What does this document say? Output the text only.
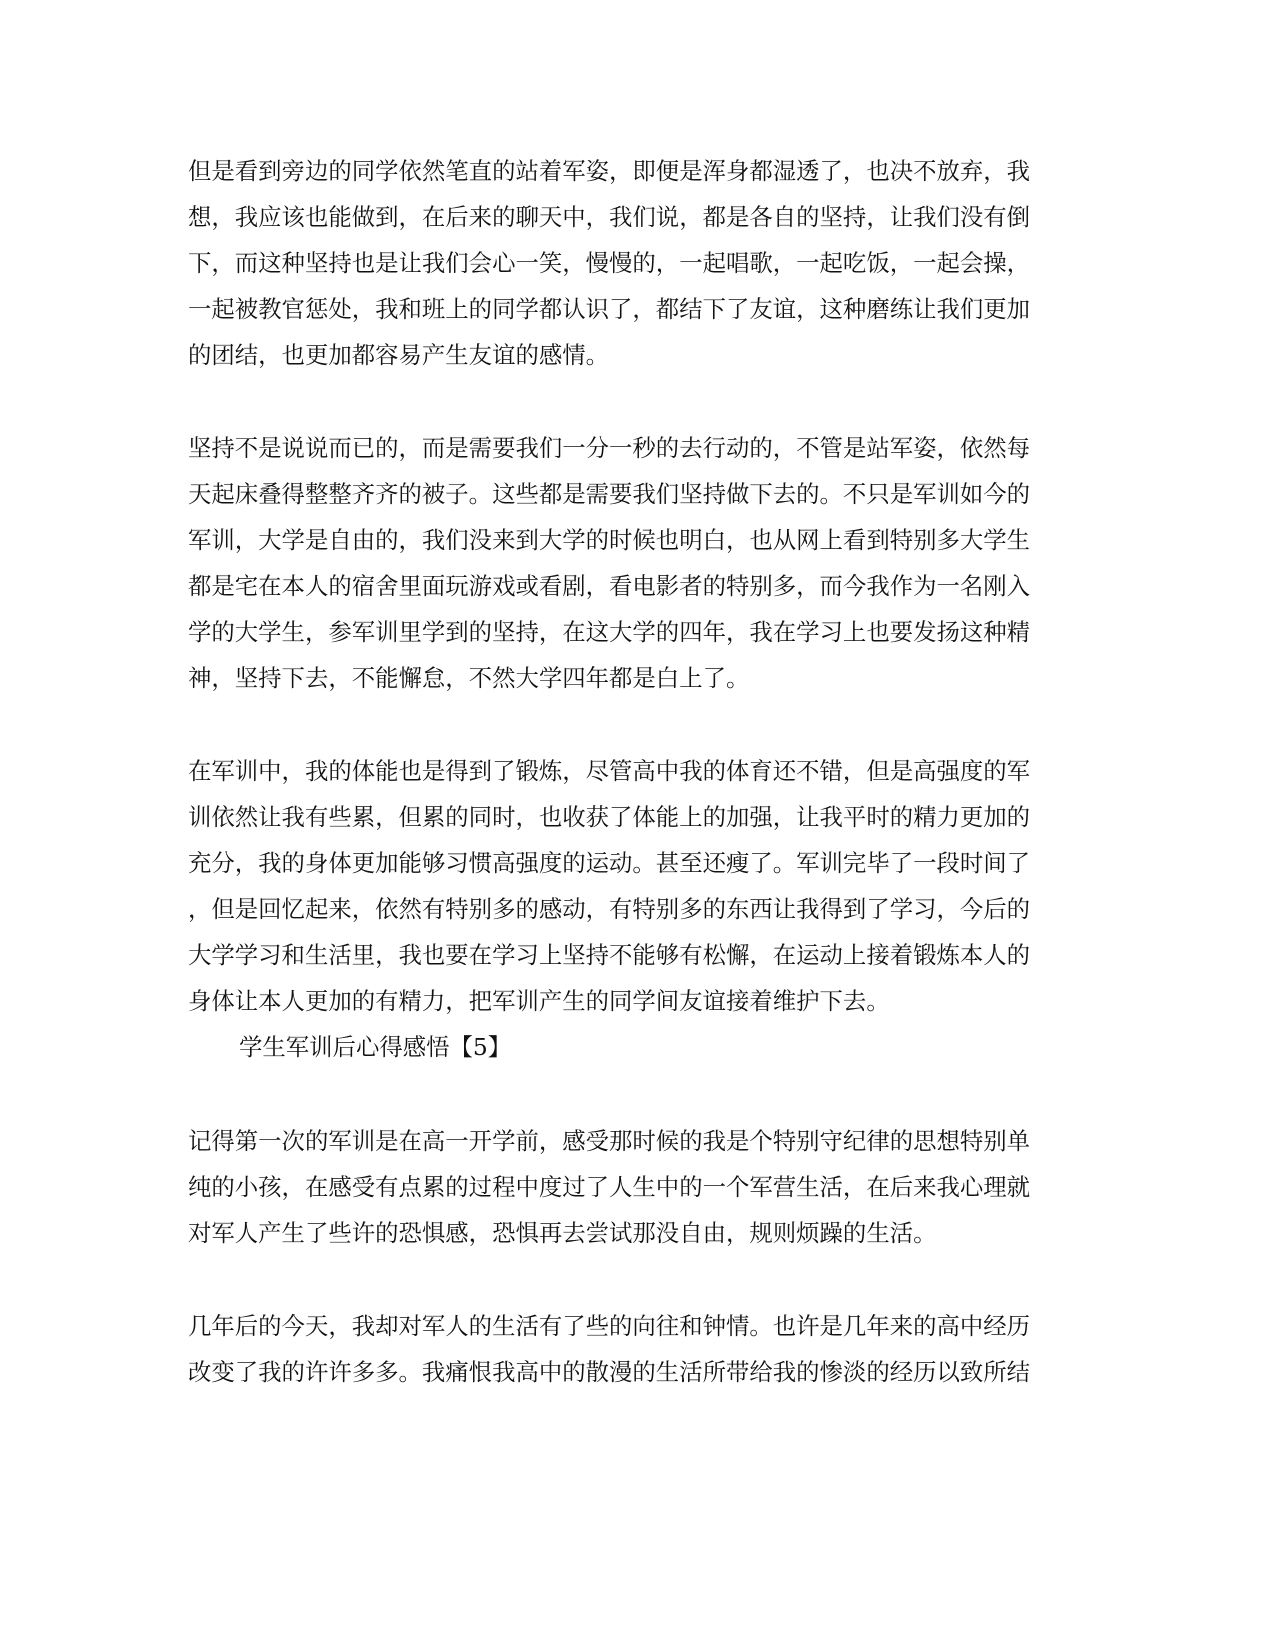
但是看到旁边的同学依然笔直的站着军姿，即便是浑身都湿透了，也决不放弃，我
想，我应该也能做到，在后来的聊天中，我们说，都是各自的坚持，让我们没有倒
下，而这种坚持也是让我们会心一笑，慢慢的，一起唱歌，一起吃饭，一起会操，
一起被教官惩处，我和班上的同学都认识了，都结下了友谊，这种磨练让我们更加
的团结，也更加都容易产生友谊的感情。
坚持不是说说而已的，而是需要我们一分一秒的去行动的，不管是站军姿，依然每
天起床叠得整整齐齐的被子。这些都是需要我们坚持做下去的。不只是军训如今的
军训，大学是自由的，我们没来到大学的时候也明白，也从网上看到特别多大学生
都是宅在本人的宿舍里面玩游戏或看剧，看电影者的特别多，而今我作为一名刚入
学的大学生，参军训里学到的坚持，在这大学的四年，我在学习上也要发扬这种精
神，坚持下去，不能懈怠，不然大学四年都是白上了。
在军训中，我的体能也是得到了锻炼，尽管高中我的体育还不错，但是高强度的军
训依然让我有些累，但累的同时，也收获了体能上的加强，让我平时的精力更加的
充分，我的身体更加能够习惯高强度的运动。甚至还瘦了。军训完毕了一段时间了
，但是回忆起来，依然有特别多的感动，有特别多的东西让我得到了学习，今后的
大学学习和生活里，我也要在学习上坚持不能够有松懈，在运动上接着锻炼本人的
身体让本人更加的有精力，把军训产生的同学间友谊接着维护下去。
学生军训后心得感悟【5】
记得第一次的军训是在高一开学前，感受那时候的我是个特别守纪律的思想特别单
纯的小孩，在感受有点累的过程中度过了人生中的一个军营生活，在后来我心理就
对军人产生了些许的恐惧感，恐惧再去尝试那没自由，规则烦躁的生活。
几年后的今天，我却对军人的生活有了些的向往和钟情。也许是几年来的高中经历
改变了我的许许多多。我痛恨我高中的散漫的生活所带给我的惨淡的经历以致所结
